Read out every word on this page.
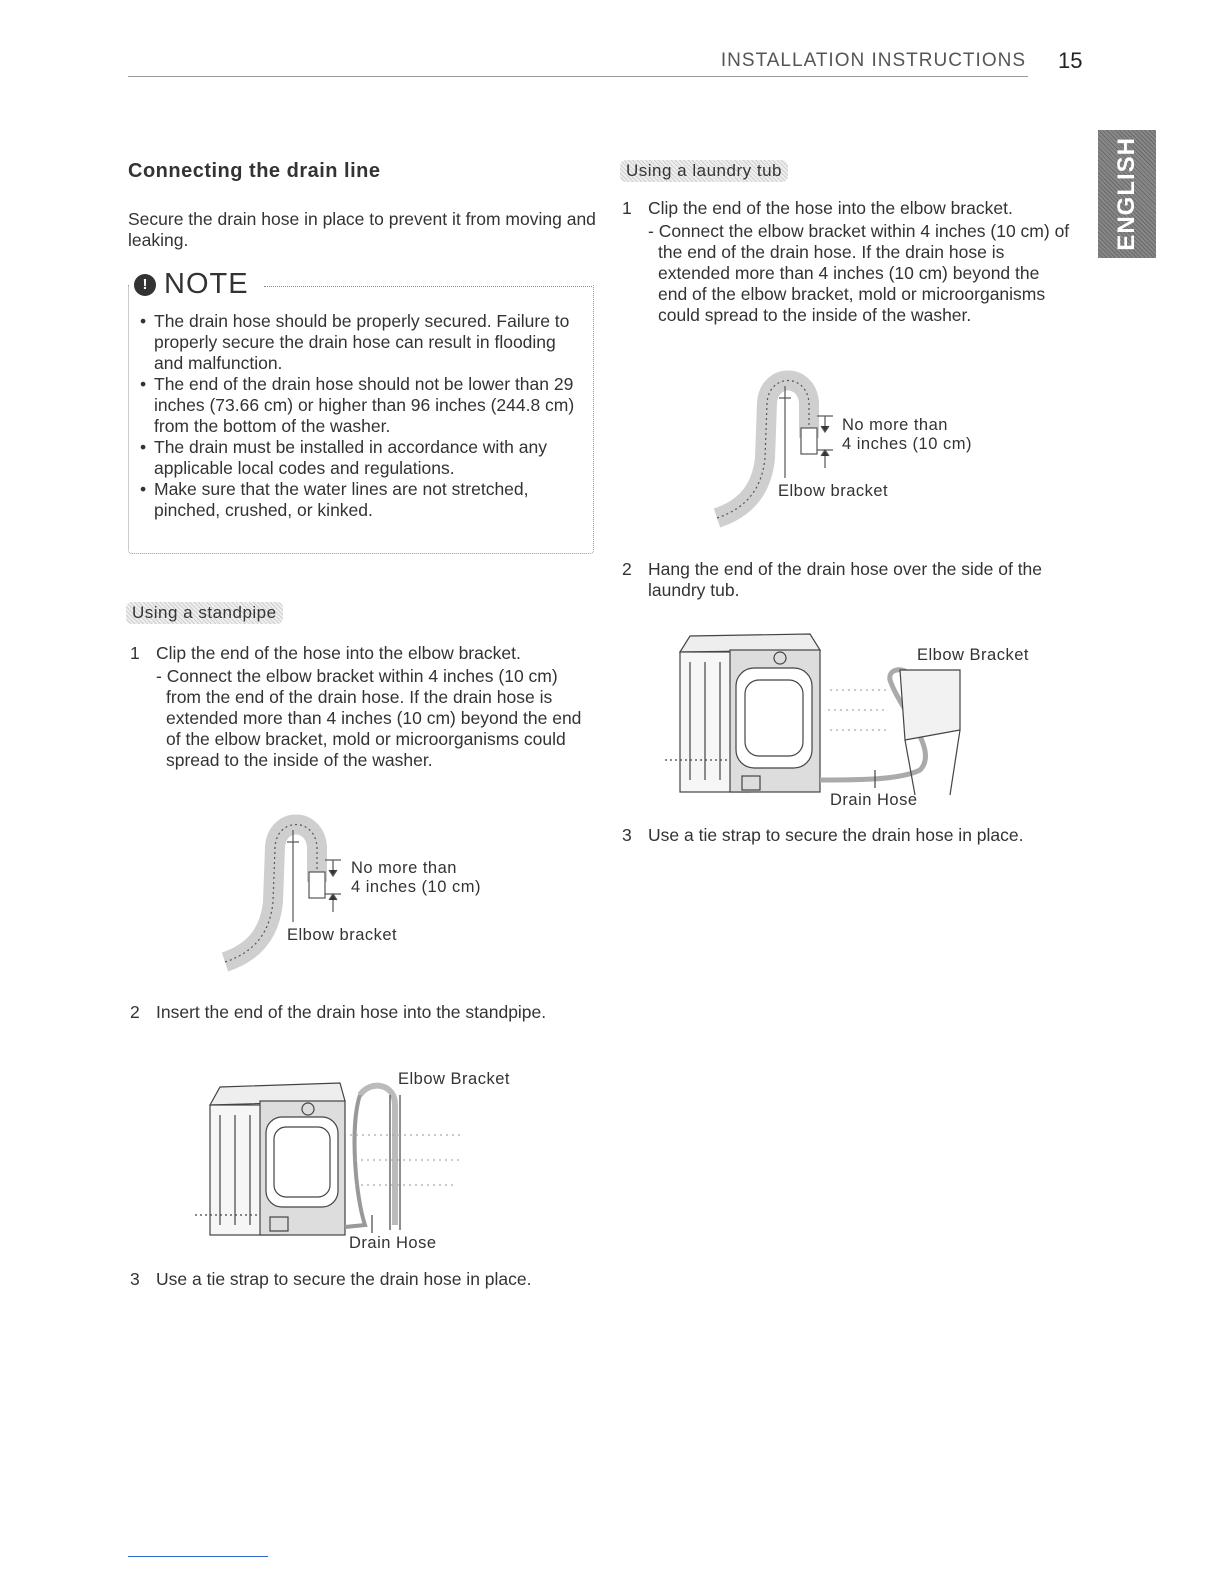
INSTALLATION INSTRUCTIONS 15
ENGLISH
Connecting the drain line

Secure the drain hose in place to prevent it from moving and leaking.

! NOTE
• The drain hose should be properly secured. Failure to properly secure the drain hose can result in flooding and malfunction.
• The end of the drain hose should not be lower than 29 inches (73.66 cm) or higher than 96 inches (244.8 cm) from the bottom of the washer.
• The drain must be installed in accordance with any applicable local codes and regulations.
• Make sure that the water lines are not stretched, pinched, crushed, or kinked.
Using a standpipe
1 Clip the end of the hose into the elbow bracket.
- Connect the elbow bracket within 4 inches (10 cm) from the end of the drain hose. If the drain hose is extended more than 4 inches (10 cm) beyond the end of the elbow bracket, mold or microorganisms could spread to the inside of the washer.
No more than
4 inches (10 cm)
Elbow bracket
2 Insert the end of the drain hose into the standpipe.
Elbow Bracket
Drain Hose
3 Use a tie strap to secure the drain hose in place.
Using a laundry tub
1 Clip the end of the hose into the elbow bracket.
- Connect the elbow bracket within 4 inches (10 cm) of the end of the drain hose. If the drain hose is extended more than 4 inches (10 cm) beyond the end of the elbow bracket, mold or microorganisms could spread to the inside of the washer.
No more than
4 inches (10 cm)
Elbow bracket
2 Hang the end of the drain hose over the side of the laundry tub.
Elbow Bracket
Drain Hose
3 Use a tie strap to secure the drain hose in place.
